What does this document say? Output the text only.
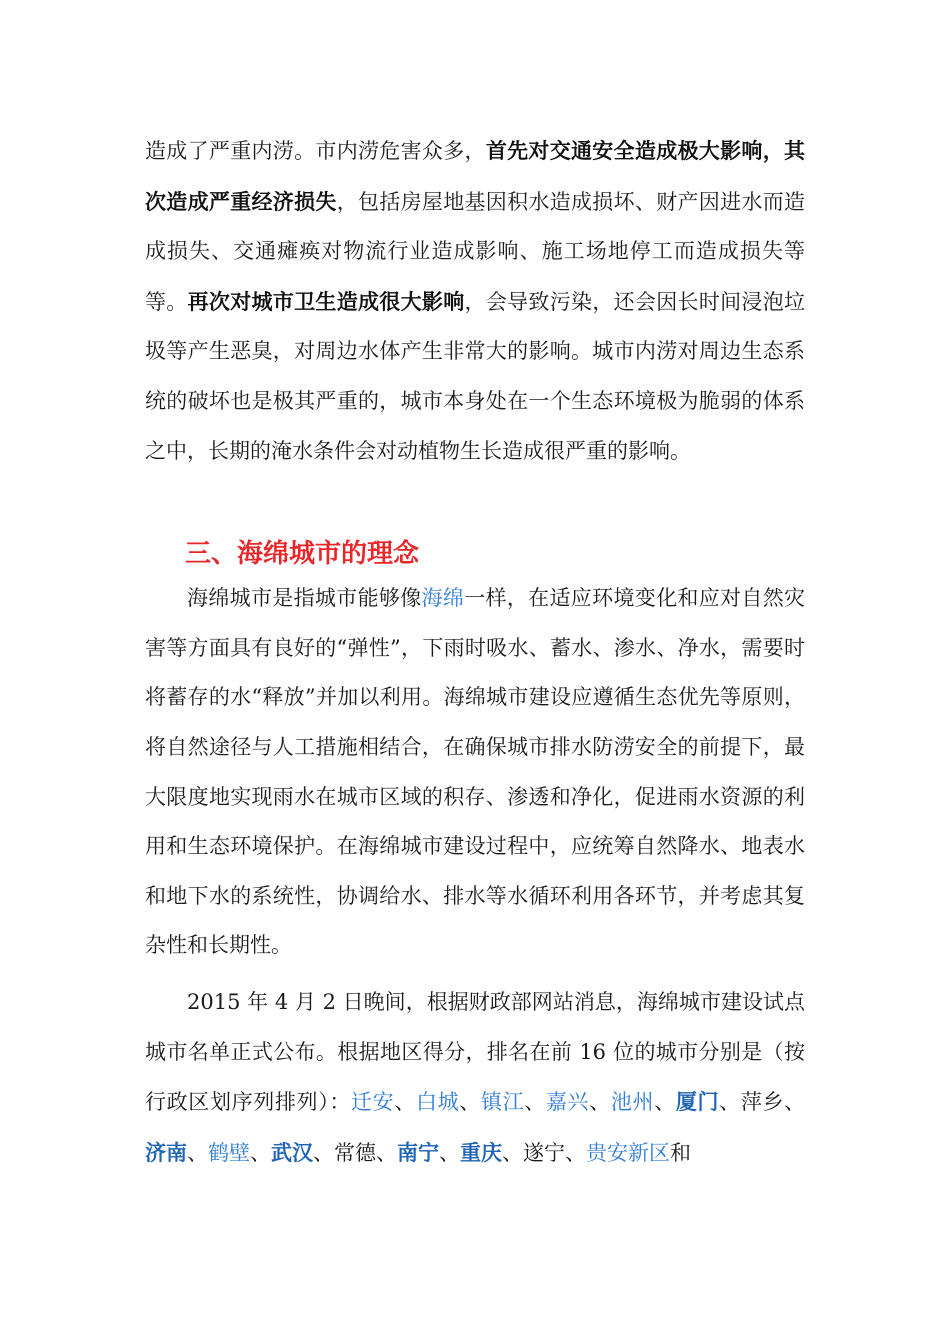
造成了严重内涝。市内涝危害众多，首先对交通安全造成极大影响，其次造成严重经济损失，包括房屋地基因积水造成损坏、财产因进水而造成损失、交通瘫痪对物流行业造成影响、施工场地停工而造成损失等等。再次对城市卫生造成很大影响，会导致污染，还会因长时间浸泡垃圾等产生恶臭，对周边水体产生非常大的影响。城市内涝对周边生态系统的破坏也是极其严重的，城市本身处在一个生态环境极为脆弱的体系之中，长期的淹水条件会对动植物生长造成很严重的影响。

三、海绵城市的理念

海绵城市是指城市能够像海绵一样，在适应环境变化和应对自然灾害等方面具有良好的“弹性”，下雨时吸水、蓄水、渗水、净水，需要时将蓄存的水“释放”并加以利用。海绵城市建设应遵循生态优先等原则，将自然途径与人工措施相结合，在确保城市排水防涝安全的前提下，最大限度地实现雨水在城市区域的积存、渗透和净化，促进雨水资源的利用和生态环境保护。在海绵城市建设过程中，应统筹自然降水、地表水和地下水的系统性，协调给水、排水等水循环利用各环节，并考虑其复杂性和长期性。

2015 年 4 月 2 日晚间，根据财政部网站消息，海绵城市建设试点城市名单正式公布。根据地区得分，排名在前 16 位的城市分别是（按行政区划序列排列）：迁安、白城、镇江、嘉兴、池州、厦门、萍乡、济南、鹤壁、武汉、常德、南宁、重庆、遂宁、贵安新区和
